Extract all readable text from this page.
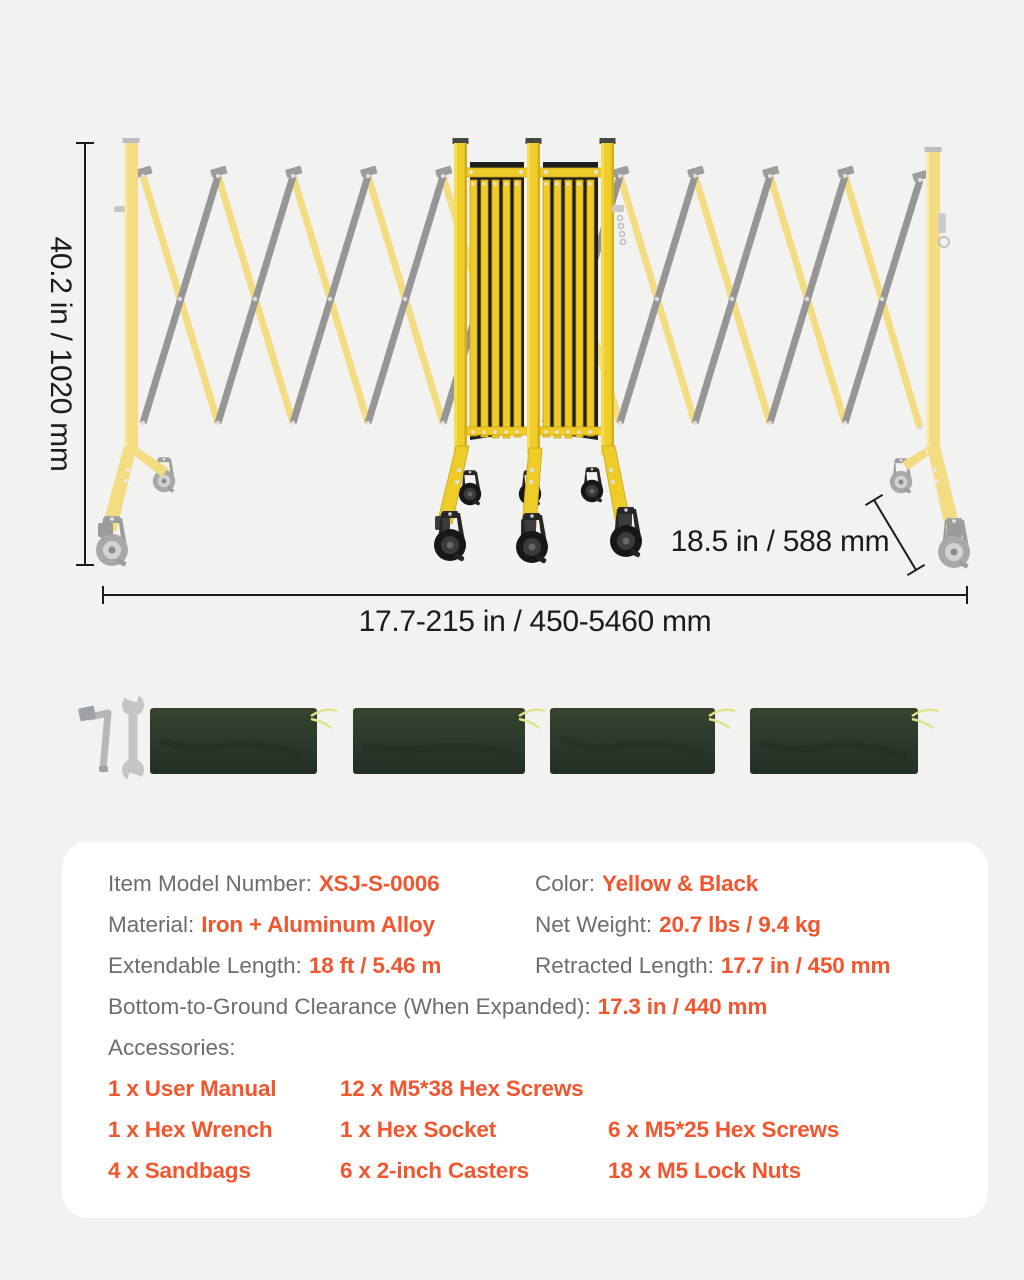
40.2 in / 1020 mm
18.5 in / 588 mm
17.7-215 in / 450-5460 mm
Item Model Number: XSJ-S-0006	Color: Yellow & Black
Material: Iron + Aluminum Alloy	Net Weight: 20.7 lbs / 9.4 kg
Extendable Length: 18 ft / 5.46 m	Retracted Length: 17.7 in / 450 mm
Bottom-to-Ground Clearance (When Expanded): 17.3 in / 440 mm
Accessories:
1 x User Manual	12 x M5*38 Hex Screws
1 x Hex Wrench	1 x Hex Socket	6 x M5*25 Hex Screws
4 x Sandbags	6 x 2-inch Casters	18 x M5 Lock Nuts
